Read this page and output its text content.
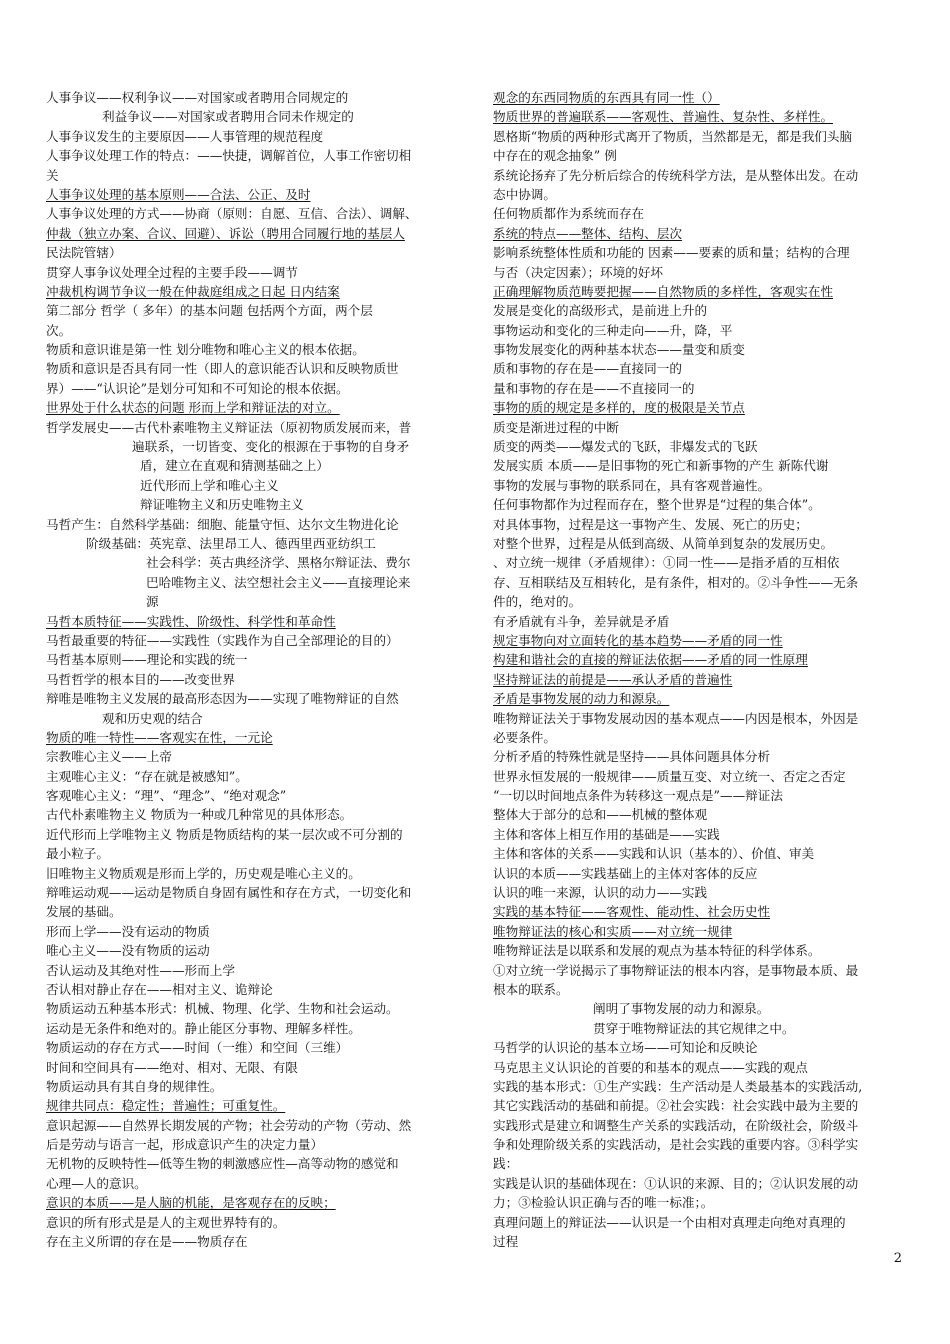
人事争议——权利争议——对国家或者聘用合同规定的
利益争议——对国家或者聘用合同未作规定的
人事争议发生的主要原因——人事管理的规范程度
人事争议处理工作的特点：——快捷，调解首位，人事工作密切相
关
人事争议处理的基本原则——合法、公正、及时
人事争议处理的方式——协商（原则：自愿、互信、合法）、调解、
仲裁（独立办案、合议、回避）、诉讼（聘用合同履行地的基层人
民法院管辖）
贯穿人事争议处理全过程的主要手段——调节
冲裁机构调节争议一般在仲裁庭组成之日起 日内结案
第二部分 哲学（ 多年）的基本问题 包括两个方面，两个层
次。
物质和意识谁是第一性 划分唯物和唯心主义的根本依据。
物质和意识是否具有同一性（即人的意识能否认识和反映物质世
界）——“认识论”是划分可知和不可知论的根本依据。
世界处于什么状态的问题 形而上学和辩证法的对立。
哲学发展史——古代朴素唯物主义辩证法（原初物质发展而来，普
遍联系，一切皆变、变化的根源在于事物的自身矛
盾，建立在直观和猜测基础之上）
近代形而上学和唯心主义
辩证唯物主义和历史唯物主义
马哲产生：自然科学基础：细胞、能量守恒、达尔文生物进化论
阶级基础：英宪章、法里昂工人、德西里西亚纺织工
社会科学：英古典经济学、黑格尔辩证法、费尔
巴哈唯物主义、法空想社会主义——直接理论来
源
马哲本质特征——实践性、阶级性、科学性和革命性
马哲最重要的特征——实践性（实践作为自己全部理论的目的）
马哲基本原则——理论和实践的统一
马哲哲学的根本目的——改变世界
辩唯是唯物主义发展的最高形态因为——实现了唯物辩证的自然
观和历史观的结合
物质的唯一特性——客观实在性，一元论
宗教唯心主义——上帝
主观唯心主义：“存在就是被感知”。
客观唯心主义：“理”、“理念”、“绝对观念”
古代朴素唯物主义 物质为一种或几种常见的具体形态。
近代形而上学唯物主义 物质是物质结构的某一层次或不可分割的
最小粒子。
旧唯物主义物质观是形而上学的，历史观是唯心主义的。
辩唯运动观——运动是物质自身固有属性和存在方式，一切变化和
发展的基础。
形而上学——没有运动的物质
唯心主义——没有物质的运动
否认运动及其绝对性——形而上学
否认相对静止存在——相对主义、诡辩论
物质运动五种基本形式：机械、物理、化学、生物和社会运动。
运动是无条件和绝对的。静止能区分事物、理解多样性。
物质运动的存在方式——时间（一维）和空间（三维）
时间和空间具有——绝对、相对、无限、有限
物质运动具有其自身的规律性。
规律共同点：稳定性；普遍性；可重复性。
意识起源——自然界长期发展的产物；社会劳动的产物（劳动、然
后是劳动与语言一起，形成意识产生的决定力量）
无机物的反映特性—低等生物的刺激感应性—高等动物的感觉和
心理—人的意识。
意识的本质——是人脑的机能，是客观存在的反映；
意识的所有形式是是人的主观世界特有的。
存在主义所谓的存在是——物质存在
观念的东西同物质的东西具有同一性（）
物质世界的普遍联系——客观性、普遍性、复杂性、多样性。
恩格斯“物质的两种形式离开了物质，当然都是无，都是我们头脑
中存在的观念抽象” 例
系统论扬弃了先分析后综合的传统科学方法，是从整体出发。在动
态中协调。
任何物质都作为系统而存在
系统的特点——整体、结构、层次
影响系统整体性质和功能的 因素——要素的质和量；结构的合理
与否（决定因素）；环境的好坏
正确理解物质范畴要把握——自然物质的多样性，客观实在性
发展是变化的高级形式，是前进上升的
事物运动和变化的三种走向——升，降，平
事物发展变化的两种基本状态——量变和质变
质和事物的存在是——直接同一的
量和事物的存在是——不直接同一的
事物的质的规定是多样的，度的极限是关节点
质变是渐进过程的中断
质变的两类——爆发式的飞跃，非爆发式的飞跃
发展实质 本质——是旧事物的死亡和新事物的产生 新陈代谢
事物的发展与事物的联系同在，具有客观普遍性。
任何事物都作为过程而存在，整个世界是“过程的集合体”。
对具体事物，过程是这一事物产生、发展、死亡的历史；
对整个世界，过程是从低到高级、从简单到复杂的发展历史。
、对立统一规律（矛盾规律）：①同一性——是指矛盾的互相依
存、互相联结及互相转化，是有条件，相对的。②斗争性——无条
件的，绝对的。
有矛盾就有斗争，差异就是矛盾
规定事物向对立面转化的基本趋势——矛盾的同一性
构建和谐社会的直接的辩证法依据——矛盾的同一性原理
坚持辩证法的前提是——承认矛盾的普遍性
矛盾是事物发展的动力和源泉。
唯物辩证法关于事物发展动因的基本观点——内因是根本，外因是
必要条件。
分析矛盾的特殊性就是坚持——具体问题具体分析
世界永恒发展的一般规律——质量互变、对立统一、否定之否定
“一切以时间地点条件为转移这一观点是”——辩证法
整体大于部分的总和——机械的整体观
主体和客体上相互作用的基础是——实践
主体和客体的关系——实践和认识（基本的）、价值、审美
认识的本质——实践基础上的主体对客体的反应
认识的唯一来源，认识的动力——实践
实践的基本特征——客观性、能动性、社会历史性
唯物辩证法的核心和实质——对立统一规律
唯物辩证法是以联系和发展的观点为基本特征的科学体系。
①对立统一学说揭示了事物辩证法的根本内容，是事物最本质、最
根本的联系。
阐明了事物发展的动力和源泉。
贯穿于唯物辩证法的其它规律之中。
马哲学的认识论的基本立场——可知论和反映论
马克思主义认识论的首要的和基本的观点——实践的观点
实践的基本形式：①生产实践：生产活动是人类最基本的实践活动,
其它实践活动的基础和前提。②社会实践：社会实践中最为主要的
实践形式是建立和调整生产关系的实践活动，在阶级社会，阶级斗
争和处理阶级关系的实践活动，是社会实践的重要内容。③科学实
践：
实践是认识的基础体现在：①认识的来源、目的；②认识发展的动
力；③检验认识正确与否的唯一标准；。
真理问题上的辩证法——认识是一个由相对真理走向绝对真理的
过程
2
